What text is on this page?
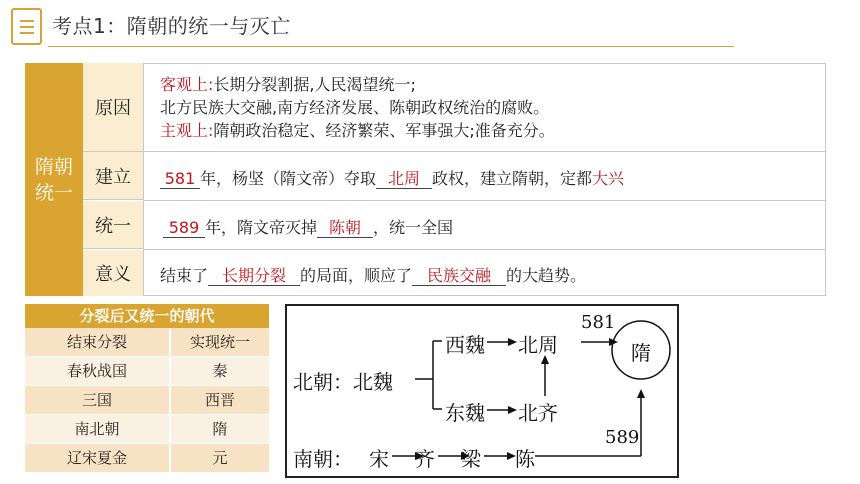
考点1：隋朝的统一与灭亡
隋朝统一
原因
客观上:长期分裂割据,人民渴望统一;
北方民族大交融,南方经济发展、陈朝政权统治的腐败。
主观上:隋朝政治稳定、经济繁荣、军事强大;准备充分。
建立	581 年，杨坚（隋文帝）夺取 北周 政权，建立隋朝，定都大兴
统一	589 年，隋文帝灭掉 陈朝 ，统一全国
意义	结束了 长期分裂 的局面，顺应了 民族交融 的大趋势。
分裂后又统一的朝代
结束分裂	实现统一
春秋战国	秦
三国	西晋
南北朝	隋
辽宋夏金	元
北朝：北魏
西魏 北周
581
隋
东魏 北齐
南朝： 宋 齐 梁 陈
589
